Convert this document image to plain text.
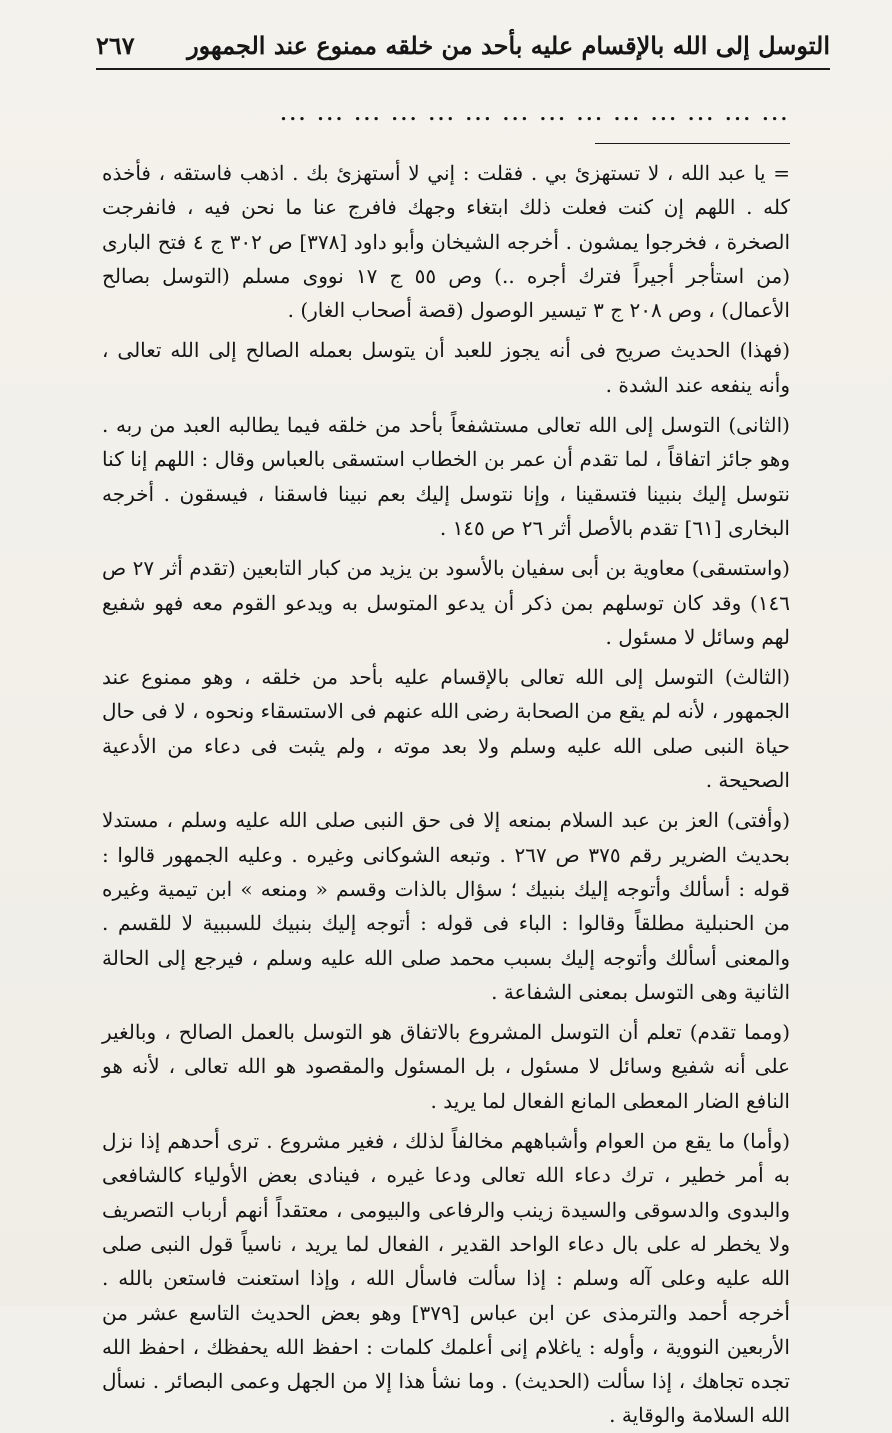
التوسل إلى الله بالإقسام عليه بأحد من خلقه ممنوع عند الجمهور
٢٦٧
... ... ... ... ... ... ... ... ... ... ... ... ... ...

= يا عبد الله ، لا تستهزئ بي . فقلت : إني لا أستهزئ بك . اذهب فاستقه ، فأخذه كله . اللهم إن كنت فعلت ذلك ابتغاء وجهك فافرج عنا ما نحن فيه ، فانفرجت الصخرة ، فخرجوا يمشون . أخرجه الشيخان وأبو داود [٣٧٨] ص ٣٠٢ ج ٤ فتح البارى (من استأجر أجيراً فترك أجره ..) وص ٥٥ ج ١٧ نووى مسلم (التوسل بصالح الأعمال) ، وص ٢٠٨ ج ٣ تيسير الوصول (قصة أصحاب الغار) .

(فهذا) الحديث صريح فى أنه يجوز للعبد أن يتوسل بعمله الصالح إلى الله تعالى ، وأنه ينفعه عند الشدة .

(الثانى) التوسل إلى الله تعالى مستشفعاً بأحد من خلقه فيما يطالبه العبد من ربه . وهو جائز اتفاقاً ، لما تقدم أن عمر بن الخطاب استسقى بالعباس وقال : اللهم إنا كنا نتوسل إليك بنبينا فتسقينا ، وإنا نتوسل إليك بعم نبينا فاسقنا ، فيسقون . أخرجه البخارى [٦١] تقدم بالأصل أثر ٢٦ ص ١٤٥ .

(واستسقى) معاوية بن أبى سفيان بالأسود بن يزيد من كبار التابعين (تقدم أثر ٢٧ ص ١٤٦) وقد كان توسلهم بمن ذكر أن يدعو المتوسل به ويدعو القوم معه فهو شفيع لهم وسائل لا مسئول .

(الثالث) التوسل إلى الله تعالى بالإقسام عليه بأحد من خلقه ، وهو ممنوع عند الجمهور ، لأنه لم يقع من الصحابة رضى الله عنهم فى الاستسقاء ونحوه ، لا فى حال حياة النبى صلى الله عليه وسلم ولا بعد موته ، ولم يثبت فى دعاء من الأدعية الصحيحة .

(وأفتى) العز بن عبد السلام بمنعه إلا فى حق النبى صلى الله عليه وسلم ، مستدلا بحديث الضرير رقم ٣٧٥ ص ٢٦٧ . وتبعه الشوكانى وغيره . وعليه الجمهور قالوا : قوله : أسألك وأتوجه إليك بنبيك ؛ سؤال بالذات وقسم « ومنعه » ابن تيمية وغيره من الحنبلية مطلقاً وقالوا : الباء فى قوله : أتوجه إليك بنبيك للسببية لا للقسم . والمعنى أسألك وأتوجه إليك بسبب محمد صلى الله عليه وسلم ، فيرجع إلى الحالة الثانية وهى التوسل بمعنى الشفاعة .

(ومما تقدم) تعلم أن التوسل المشروع بالاتفاق هو التوسل بالعمل الصالح ، وبالغير على أنه شفيع وسائل لا مسئول ، بل المسئول والمقصود هو الله تعالى ، لأنه هو النافع الضار المعطى المانع الفعال لما يريد .

(وأما) ما يقع من العوام وأشباههم مخالفاً لذلك ، فغير مشروع . ترى أحدهم إذا نزل به أمر خطير ، ترك دعاء الله تعالى ودعا غيره ، فينادى بعض الأولياء كالشافعى والبدوى والدسوقى والسيدة زينب والرفاعى والبيومى ، معتقداً أنهم أرباب التصريف ولا يخطر له على بال دعاء الواحد القدير ، الفعال لما يريد ، ناسياً قول النبى صلى الله عليه وعلى آله وسلم : إذا سألت فاسأل الله ، وإذا استعنت فاستعن بالله . أخرجه أحمد والترمذى عن ابن عباس [٣٧٩] وهو بعض الحديث التاسع عشر من الأربعين النووية ، وأوله : ياغلام إنى أعلمك كلمات : احفظ الله يحفظك ، احفظ الله تجده تجاهك ، إذا سألت (الحديث) . وما نشأ هذا إلا من الجهل وعمى البصائر . نسأل الله السلامة والوقاية .
